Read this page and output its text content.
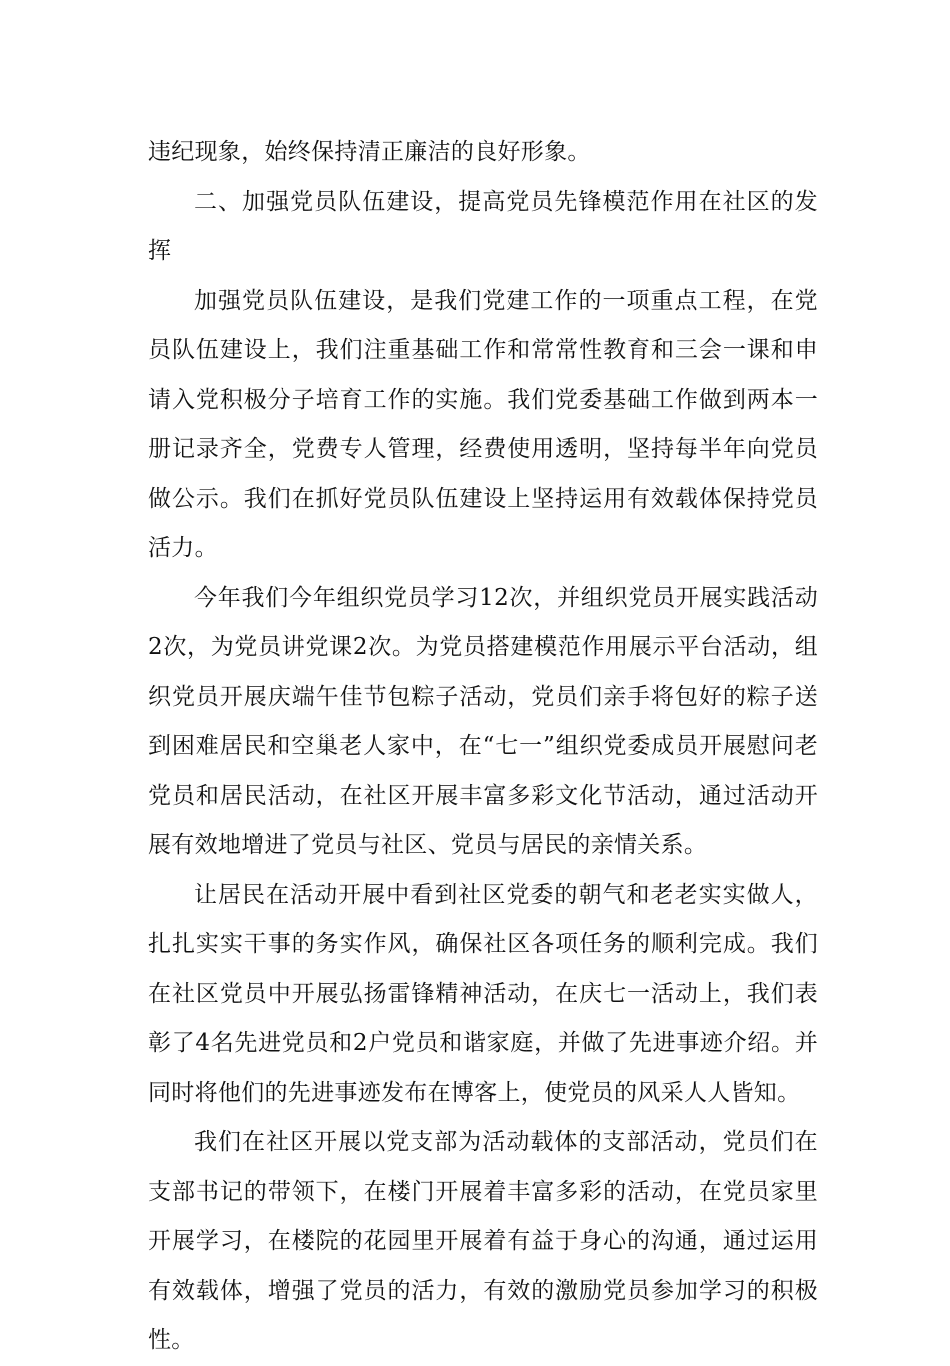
违纪现象，始终保持清正廉洁的良好形象。

二、加强党员队伍建设，提高党员先锋模范作用在社区的发挥

加强党员队伍建设，是我们党建工作的一项重点工程，在党员队伍建设上，我们注重基础工作和常常性教育和三会一课和申请入党积极分子培育工作的实施。我们党委基础工作做到两本一册记录齐全，党费专人管理，经费使用透明，坚持每半年向党员做公示。我们在抓好党员队伍建设上坚持运用有效载体保持党员活力。

今年我们今年组织党员学习12次，并组织党员开展实践活动2次，为党员讲党课2次。为党员搭建模范作用展示平台活动，组织党员开展庆端午佳节包粽子活动，党员们亲手将包好的粽子送到困难居民和空巢老人家中，在“七一”组织党委成员开展慰问老党员和居民活动，在社区开展丰富多彩文化节活动，通过活动开展有效地增进了党员与社区、党员与居民的亲情关系。

让居民在活动开展中看到社区党委的朝气和老老实实做人，扎扎实实干事的务实作风，确保社区各项任务的顺利完成。我们在社区党员中开展弘扬雷锋精神活动，在庆七一活动上，我们表彰了4名先进党员和2户党员和谐家庭，并做了先进事迹介绍。并同时将他们的先进事迹发布在博客上，使党员的风采人人皆知。

我们在社区开展以党支部为活动载体的支部活动，党员们在支部书记的带领下，在楼门开展着丰富多彩的活动，在党员家里开展学习，在楼院的花园里开展着有益于身心的沟通，通过运用有效载体，增强了党员的活力，有效的激励党员参加学习的积极性。
